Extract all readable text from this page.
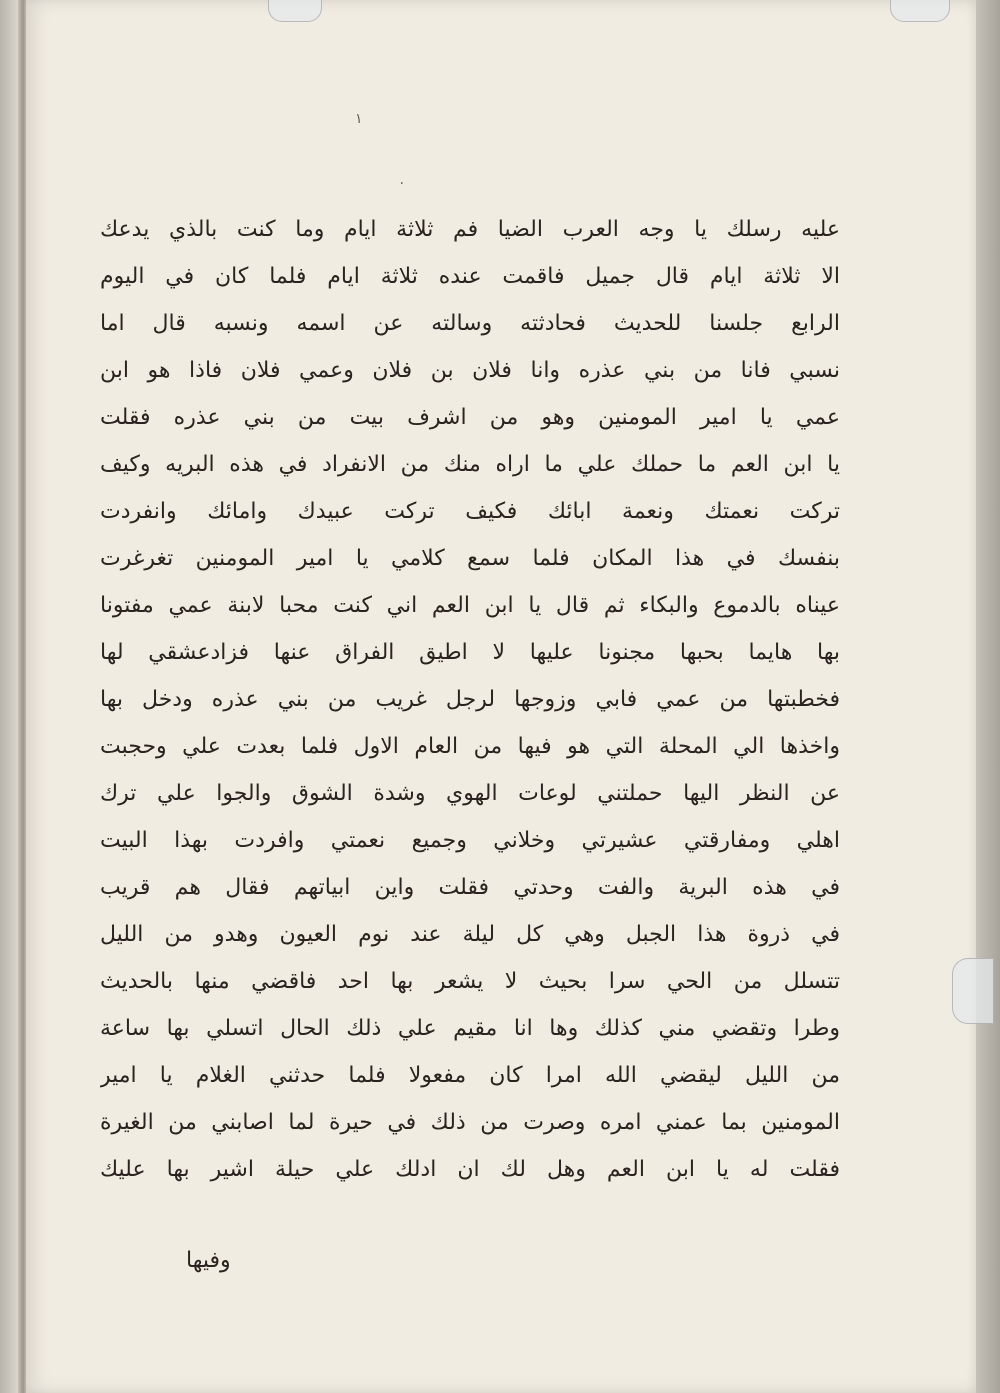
١
٠
عليه رسلك يا وجه العرب الضيا فم ثلاثة ايام وما كنت بالذي يدعك
الا ثلاثة ايام قال جميل فاقمت عنده ثلاثة ايام فلما كان في اليوم
الرابع جلسنا للحديث فحادثته وسالته عن اسمه ونسبه قال اما
نسبي فانا من بني عذره وانا فلان بن فلان وعمي فلان فاذا هو ابن
عمي يا امير المومنين وهو من اشرف بيت من بني عذره فقلت
يا ابن العم ما حملك علي ما اراه منك من الانفراد في هذه البريه وكيف
تركت نعمتك ونعمة ابائك فكيف تركت عبيدك وامائك وانفردت
بنفسك في هذا المكان فلما سمع كلامي يا امير المومنين تغرغرت
عيناه بالدموع والبكاء ثم قال يا ابن العم اني كنت محبا لابنة عمي مفتونا
بها هايما بحبها مجنونا عليها لا اطيق الفراق عنها فزادعشقي لها
فخطبتها من عمي فابي وزوجها لرجل غريب من بني عذره ودخل بها
واخذها الي المحلة التي هو فيها من العام الاول فلما بعدت علي وحجبت
عن النظر اليها حملتني لوعات الهوي وشدة الشوق والجوا علي ترك
اهلي ومفارقتي عشيرتي وخلاني وجميع نعمتي وافردت بهذا البيت
في هذه البرية والفت وحدتي فقلت واين ابياتهم فقال هم قريب
في ذروة هذا الجبل وهي كل ليلة عند نوم العيون وهدو من الليل
تتسلل من الحي سرا بحيث لا يشعر بها احد فاقضي منها بالحديث
وطرا وتقضي مني كذلك وها انا مقيم علي ذلك الحال اتسلي بها ساعة
من الليل ليقضي الله امرا كان مفعولا فلما حدثني الغلام يا امير
المومنين بما عمني امره وصرت من ذلك في حيرة لما اصابني من الغيرة
فقلت له يا ابن العم وهل لك ان ادلك علي حيلة اشير بها عليك
وفيها
